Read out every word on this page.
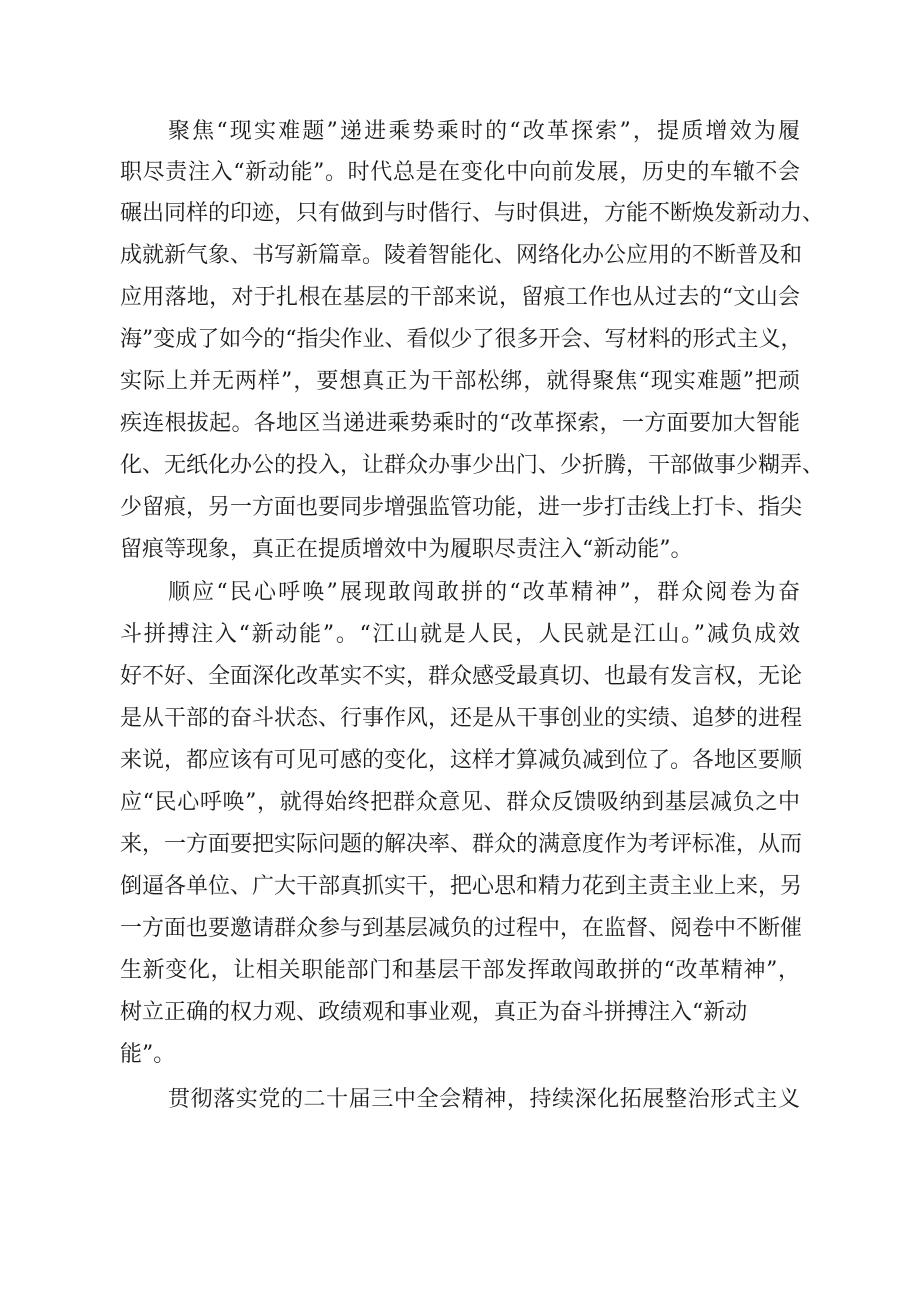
聚焦“现实难题”递进乘势乘时的“改革探索”，提质增效为履

职尽责注入“新动能”。时代总是在变化中向前发展，历史的车辙不会

碾出同样的印迹，只有做到与时偕行、与时俱进，方能不断焕发新动力、

成就新气象、书写新篇章。陵着智能化、网络化办公应用的不断普及和

应用落地，对于扎根在基层的干部来说，留痕工作也从过去的“文山会

海”变成了如今的“指尖作业、看似少了很多开会、写材料的形式主义，

实际上并无两样”，要想真正为干部松绑，就得聚焦“现实难题”把顽

疾连根拔起。各地区当递进乘势乘时的“改革探索，一方面要加大智能

化、无纸化办公的投入，让群众办事少出门、少折腾，干部做事少糊弄、

少留痕，另一方面也要同步增强监管功能，进一步打击线上打卡、指尖

留痕等现象，真正在提质增效中为履职尽责注入“新动能”。

顺应“民心呼唤”展现敢闯敢拼的“改革精神”，群众阅卷为奋

斗拼搏注入“新动能”。“江山就是人民，人民就是江山。”减负成效

好不好、全面深化改革实不实，群众感受最真切、也最有发言权，无论

是从干部的奋斗状态、行事作风，还是从干事创业的实绩、追梦的进程

来说，都应该有可见可感的变化，这样才算减负减到位了。各地区要顺

应“民心呼唤”，就得始终把群众意见、群众反馈吸纳到基层减负之中

来，一方面要把实际问题的解决率、群众的满意度作为考评标准，从而

倒逼各单位、广大干部真抓实干，把心思和精力花到主责主业上来，另

一方面也要邀请群众参与到基层减负的过程中，在监督、阅卷中不断催

生新变化，让相关职能部门和基层干部发挥敢闯敢拼的“改革精神”，

树立正确的权力观、政绩观和事业观，真正为奋斗拼搏注入“新动

能”。

贯彻落实党的二十届三中全会精神，持续深化拓展整治形式主义
